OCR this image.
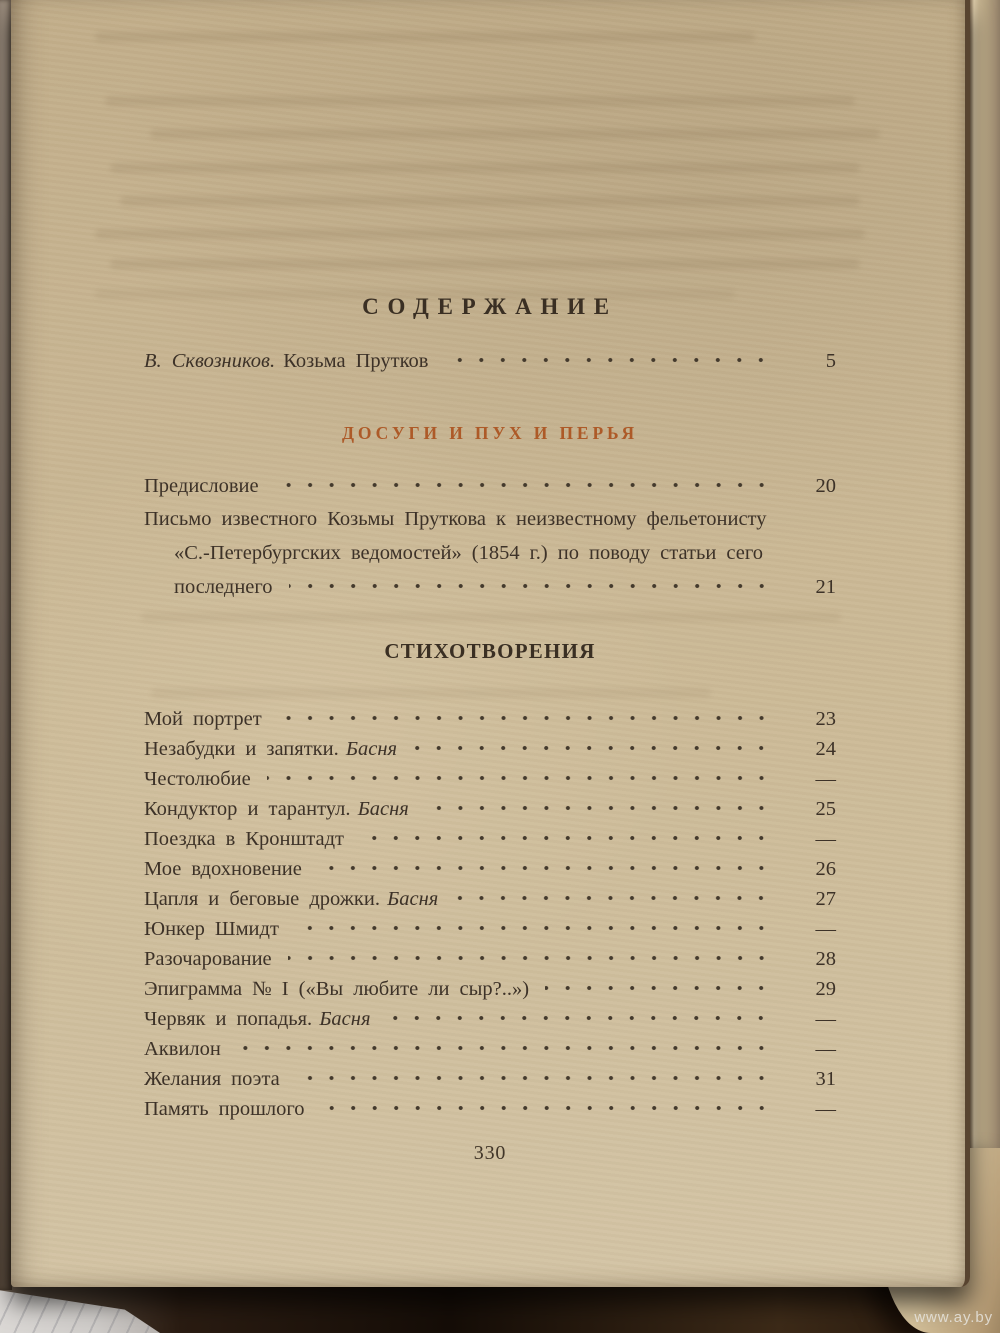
СОДЕРЖАНИЕ
В. Сквозников. Козьма Прутков	5
ДОСУГИ И ПУХ И ПЕРЬЯ
Предисловие	20
Письмо известного Козьмы Пруткова к неизвестному фельетонисту
«С.-Петербургских ведомостей» (1854 г.) по поводу статьи сего
последнего	21
СТИХОТВОРЕНИЯ
Мой портрет	23
Незабудки и запятки. Басня	24
Честолюбие	—
Кондуктор и тарантул. Басня	25
Поездка в Кронштадт	—
Мое вдохновение	26
Цапля и беговые дрожки. Басня	27
Юнкер Шмидт	—
Разочарование	28
Эпиграмма № I («Вы любите ли сыр?..»)	29
Червяк и попадья. Басня	—
Аквилон	—
Желания поэта	31
Память прошлого	—
330
www.ay.by
